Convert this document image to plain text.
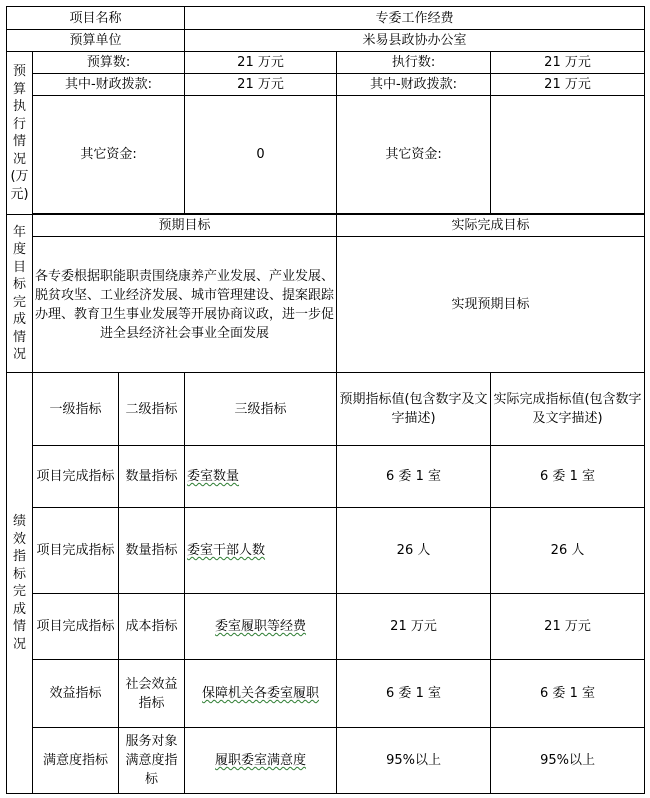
项目名称			专委工作经费		
预算单位			米易县政协办公室		
预算执行情况(万元)	预算数:		21 万元	执行数:	21 万元
	其中-财政拨款:		21 万元	其中-财政拨款:	21 万元
	其它资金:		0	其它资金:	

年度目标完成情况	预期目标			实际完成目标	
	各专委根据职能职责围绕康养产业发展、产业发展、脱贫攻坚、工业经济发展、城市管理建设、提案跟踪办理、教育卫生事业发展等开展协商议政，进一步促进全县经济社会事业全面发展			实现预期目标	
绩效指标完成情况	一级指标	二级指标	三级指标	预期指标值(包含数字及文字描述)	实际完成指标值(包含数字及文字描述)
	项目完成指标	数量指标	委室数量	6 委 1 室	6 委 1 室
	项目完成指标	数量指标	委室干部人数	26 人	26 人
	项目完成指标	成本指标	委室履职等经费	21 万元	21 万元
	效益指标	社会效益指标	保障机关各委室履职	6 委 1 室	6 委 1 室
	满意度指标	服务对象满意度指标	履职委室满意度	95%以上	95%以上
